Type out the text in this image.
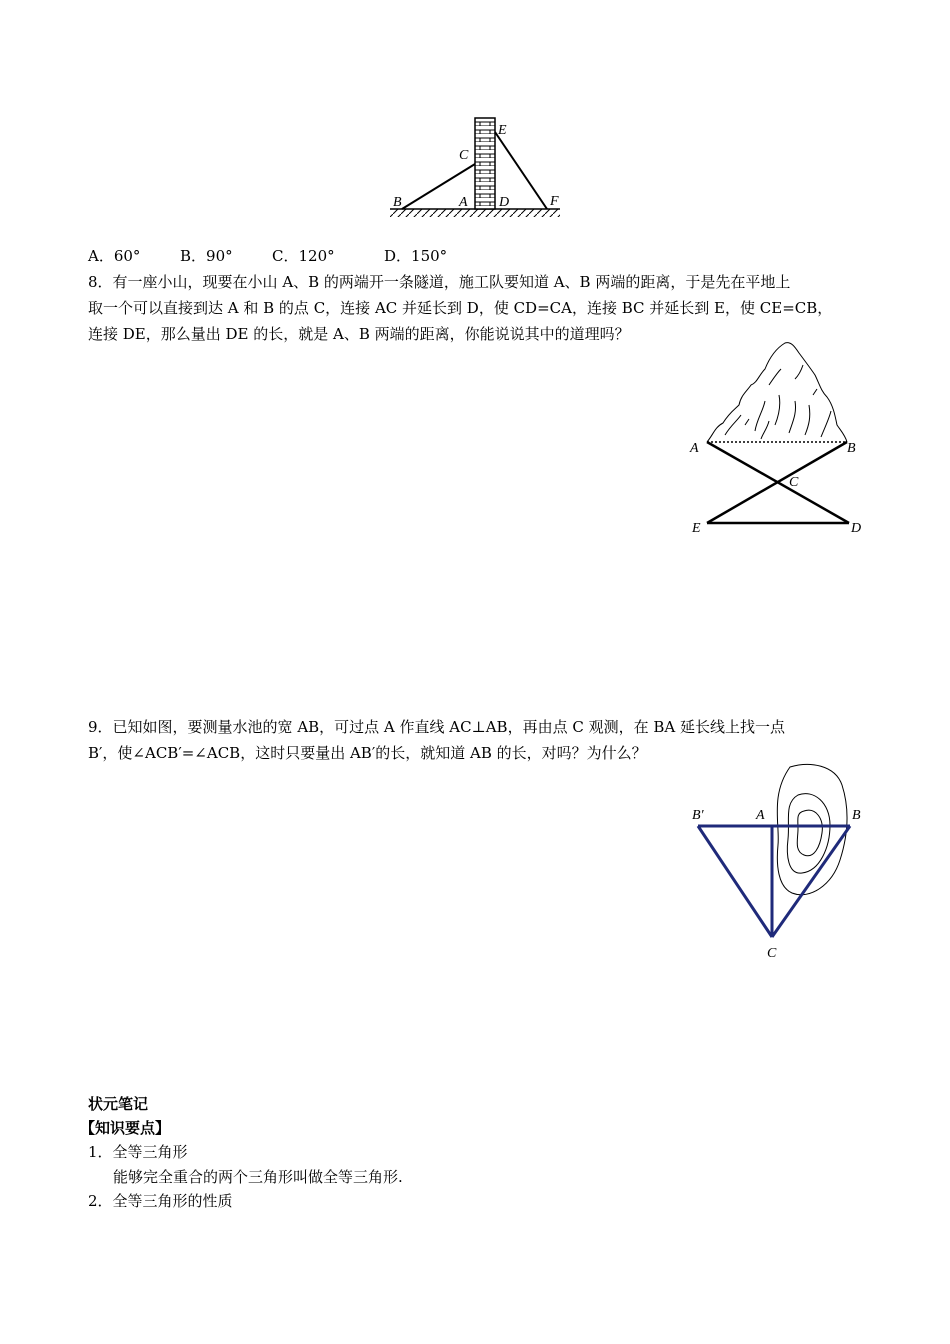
B	A
C
D
E
F
A．60°	B．90°	C．120°	D．150°
8．有一座小山，现要在小山 A、B 的两端开一条隧道，施工队要知道 A、B 两端的距离，于是先在平地上
取一个可以直接到达 A 和 B 的点 C，连接 AC 并延长到 D，使 CD=CA，连接 BC 并延长到 E，使 CE=CB，
连接 DE，那么量出 DE 的长，就是 A、B 两端的距离，你能说说其中的道理吗？
A	B
C
E	D
9．已知如图，要测量水池的宽 AB，可过点 A 作直线 AC⊥AB，再由点 C 观测，在 BA 延长线上找一点
B′，使∠ACB′=∠ACB，这时只要量出 AB′的长，就知道 AB 的长，对吗？为什么？
B′	A	B
C
状元笔记
【知识要点】
1．全等三角形
能够完全重合的两个三角形叫做全等三角形.
2．全等三角形的性质
